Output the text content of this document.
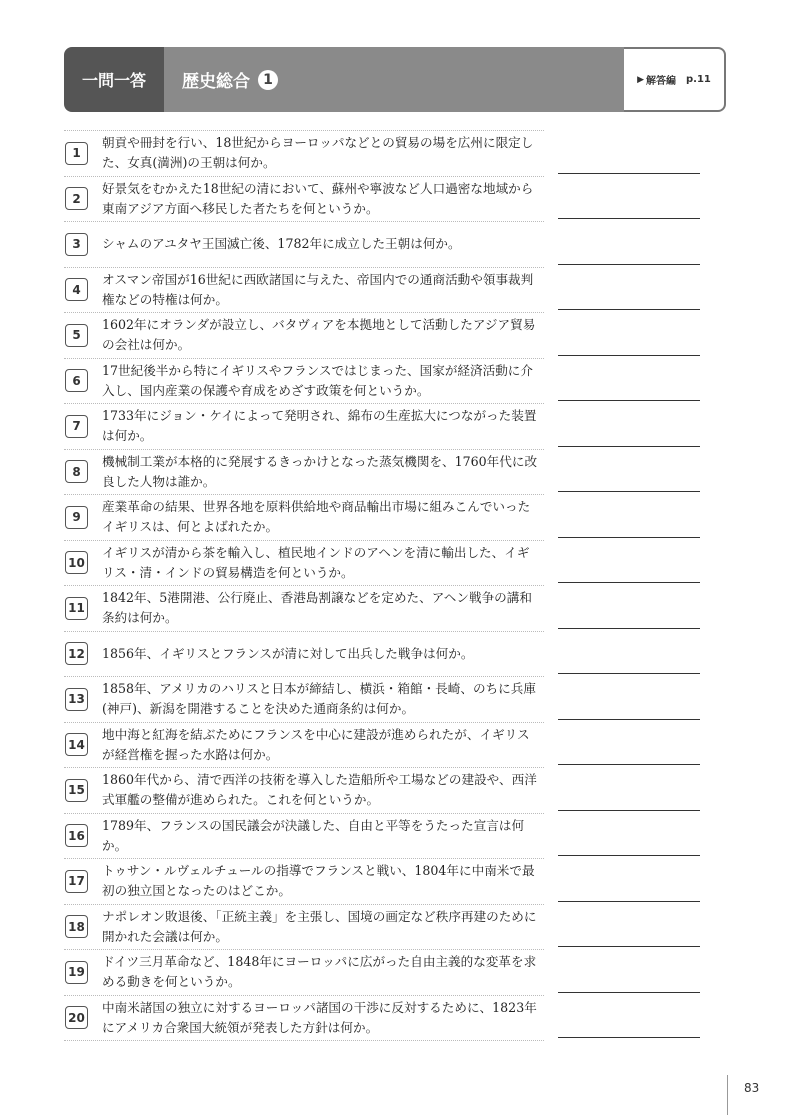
一問一答	歴史総合 1	▶ 解答編 p.11
1
朝貢や冊封を行い、18世紀からヨーロッパなどとの貿易の場を広州に限定した、女真(満洲)の王朝は何か。
2
好景気をむかえた18世紀の清において、蘇州や寧波など人口過密な地域から東南アジア方面へ移民した者たちを何というか。
3	シャムのアユタヤ王国滅亡後、1782年に成立した王朝は何か。
4
オスマン帝国が16世紀に西欧諸国に与えた、帝国内での通商活動や領事裁判権などの特権は何か。
5
1602年にオランダが設立し、バタヴィアを本拠地として活動したアジア貿易の会社は何か。
6
17世紀後半から特にイギリスやフランスではじまった、国家が経済活動に介入し、国内産業の保護や育成をめざす政策を何というか。
7
1733年にジョン・ケイによって発明され、綿布の生産拡大につながった装置は何か。
8
機械制工業が本格的に発展するきっかけとなった蒸気機関を、1760年代に改良した人物は誰か。
9
産業革命の結果、世界各地を原料供給地や商品輸出市場に組みこんでいったイギリスは、何とよばれたか。
10
イギリスが清から茶を輸入し、植民地インドのアヘンを清に輸出した、イギリス・清・インドの貿易構造を何というか。
11
1842年、5港開港、公行廃止、香港島割譲などを定めた、アヘン戦争の講和条約は何か。
12 1856年、イギリスとフランスが清に対して出兵した戦争は何か。
13
1858年、アメリカのハリスと日本が締結し、横浜・箱館・長崎、のちに兵庫(神戸)、新潟を開港することを決めた通商条約は何か。
14
地中海と紅海を結ぶためにフランスを中心に建設が進められたが、イギリスが経営権を握った水路は何か。
15
1860年代から、清で西洋の技術を導入した造船所や工場などの建設や、西洋式軍艦の整備が進められた。これを何というか。
16
1789年、フランスの国民議会が決議した、自由と平等をうたった宣言は何か。
17
トゥサン・ルヴェルチュールの指導でフランスと戦い、1804年に中南米で最初の独立国となったのはどこか。
18
ナポレオン敗退後、「正統主義」を主張し、国境の画定など秩序再建のために開かれた会議は何か。
19
ドイツ三月革命など、1848年にヨーロッパに広がった自由主義的な変革を求める動きを何というか。
20
中南米諸国の独立に対するヨーロッパ諸国の干渉に反対するために、1823年にアメリカ合衆国大統領が発表した方針は何か。
83
